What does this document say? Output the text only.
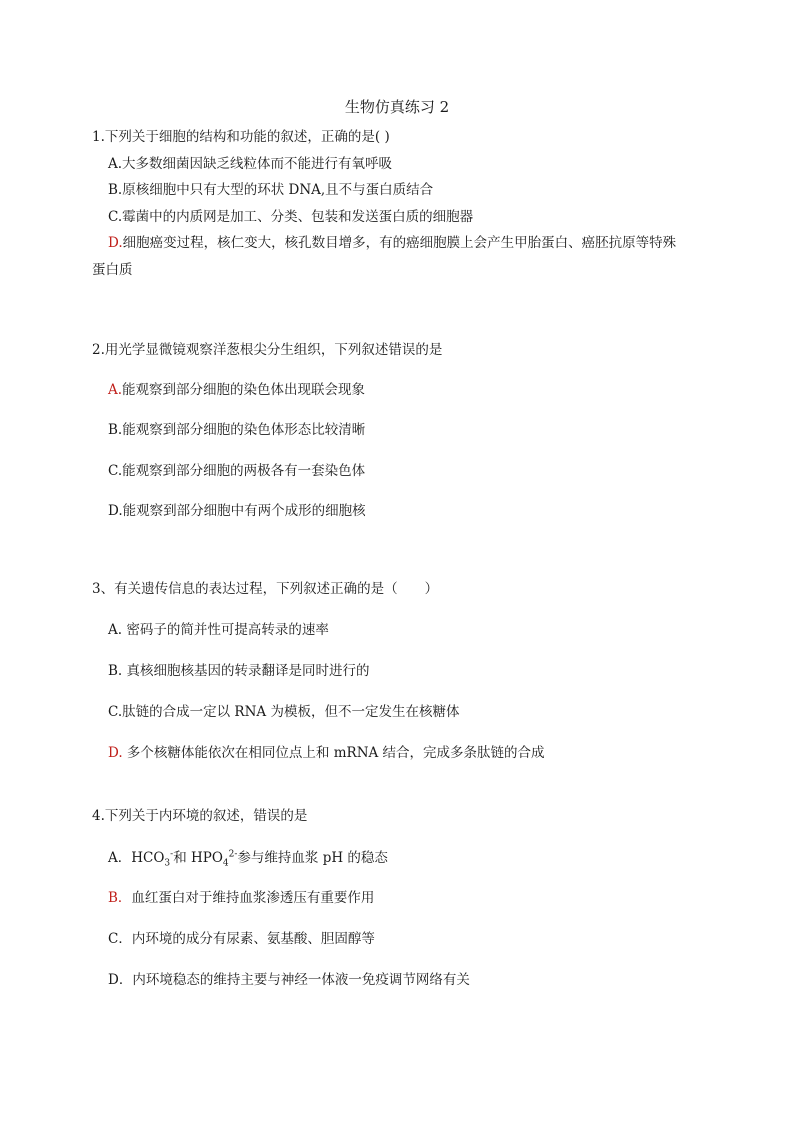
生物仿真练习 2
1.下列关于细胞的结构和功能的叙述，正确的是( )
A.大多数细菌因缺乏线粒体而不能进行有氧呼吸
B.原核细胞中只有大型的环状 DNA,且不与蛋白质结合
C.霉菌中的内质网是加工、分类、包装和发送蛋白质的细胞器
D.细胞癌变过程，核仁变大，核孔数目增多，有的癌细胞膜上会产生甲胎蛋白、癌胚抗原等特殊
蛋白质
2.用光学显微镜观察洋葱根尖分生组织，下列叙述错误的是
A.能观察到部分细胞的染色体出现联会现象
B.能观察到部分细胞的染色体形态比较清晰
C.能观察到部分细胞的两极各有一套染色体
D.能观察到部分细胞中有两个成形的细胞核
3、有关遗传信息的表达过程，下列叙述正确的是（　　）
A. 密码子的简并性可提高转录的速率
B. 真核细胞核基因的转录翻译是同时进行的
C.肽链的合成一定以 RNA 为模板，但不一定发生在核糖体
D. 多个核糖体能依次在相同位点上和 mRNA 结合，完成多条肽链的合成
4.下列关于内环境的叙述，错误的是
A．$HCO_3^-$和 $HPO_4^{2-}$参与维持血浆 pH 的稳态
B．血红蛋白对于维持血浆渗透压有重要作用
C．内环境的成分有尿素、氨基酸、胆固醇等
D．内环境稳态的维持主要与神经一体液一免疫调节网络有关
